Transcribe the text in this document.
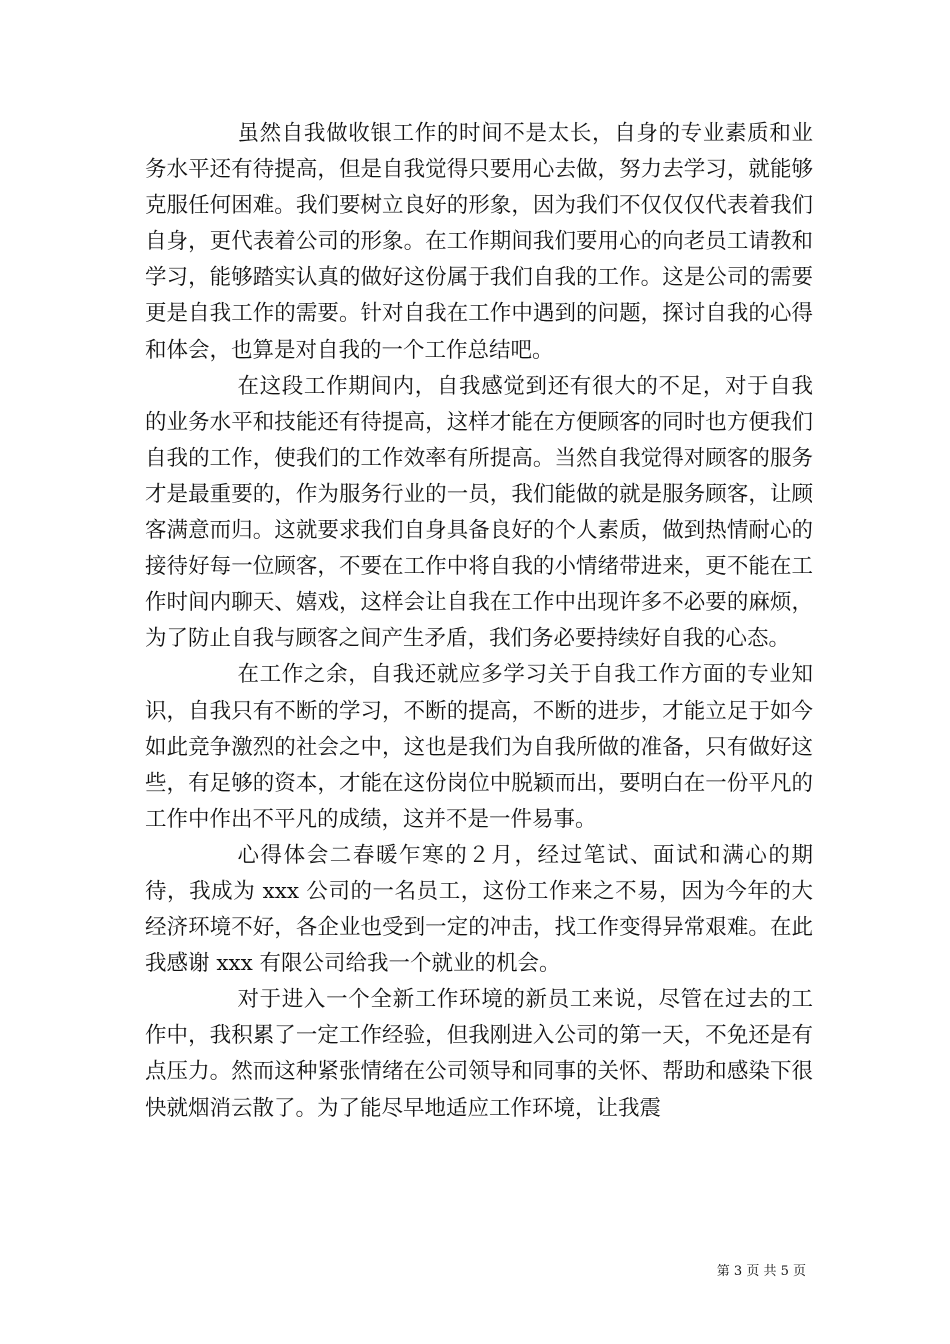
虽然自我做收银工作的时间不是太长，自身的专业素质和业务水平还有待提高，但是自我觉得只要用心去做，努力去学习，就能够克服任何困难。我们要树立良好的形象，因为我们不仅仅仅代表着我们自身，更代表着公司的形象。在工作期间我们要用心的向老员工请教和学习，能够踏实认真的做好这份属于我们自我的工作。这是公司的需要更是自我工作的需要。针对自我在工作中遇到的问题，探讨自我的心得和体会，也算是对自我的一个工作总结吧。

在这段工作期间内，自我感觉到还有很大的不足，对于自我的业务水平和技能还有待提高，这样才能在方便顾客的同时也方便我们自我的工作，使我们的工作效率有所提高。当然自我觉得对顾客的服务才是最重要的，作为服务行业的一员，我们能做的就是服务顾客，让顾客满意而归。这就要求我们自身具备良好的个人素质，做到热情耐心的接待好每一位顾客，不要在工作中将自我的小情绪带进来，更不能在工作时间内聊天、嬉戏，这样会让自我在工作中出现许多不必要的麻烦，为了防止自我与顾客之间产生矛盾，我们务必要持续好自我的心态。

在工作之余，自我还就应多学习关于自我工作方面的专业知识，自我只有不断的学习，不断的提高，不断的进步，才能立足于如今如此竞争激烈的社会之中，这也是我们为自我所做的准备，只有做好这些，有足够的资本，才能在这份岗位中脱颖而出，要明白在一份平凡的工作中作出不平凡的成绩，这并不是一件易事。

心得体会二春暖乍寒的２月，经过笔试、面试和满心的期待，我成为 xxx 公司的一名员工，这份工作来之不易，因为今年的大经济环境不好，各企业也受到一定的冲击，找工作变得异常艰难。在此我感谢 xxx 有限公司给我一个就业的机会。

对于进入一个全新工作环境的新员工来说，尽管在过去的工作中，我积累了一定工作经验，但我刚进入公司的第一天，不免还是有点压力。然而这种紧张情绪在公司领导和同事的关怀、帮助和感染下很快就烟消云散了。为了能尽早地适应工作环境，让我震

第 3 页 共 5 页
